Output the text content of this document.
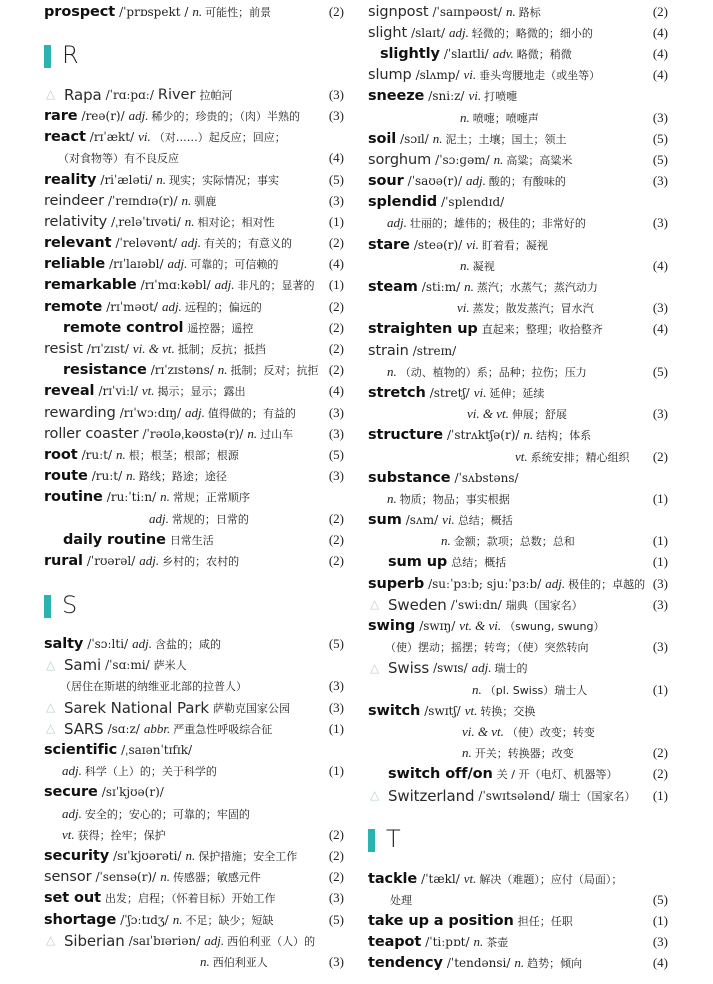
prospect /ˈprɒspekt / n. 可能性；前景	(2)
R
△ Rapa /ˈrɑːpɑː/ River 拉帕河	(3)
rare /reə(r)/ adj. 稀少的；珍贵的；（肉）半熟的 (3)
react /rɪˈækt/ vi. （对……）起反应；回应；
（对食物等）有不良反应	(4)
reality /riˈæləti/ n. 现实；实际情况；事实	(5)
reindeer /ˈreɪndɪə(r)/ n. 驯鹿	(3)
relativity /ˌreləˈtɪvəti/ n. 相对论；相对性	(1)
relevant /ˈreləvənt/ adj. 有关的；有意义的	(2)
reliable /rɪˈlaɪəbl/ adj. 可靠的；可信赖的	(4)
remarkable /rɪˈmɑːkəbl/ adj. 非凡的；显著的 (1)
remote /rɪˈməʊt/ adj. 远程的；偏远的	(2)
remote control 遥控器；遥控	(2)
resist /rɪˈzɪst/ vi. & vt. 抵制；反抗；抵挡	(2)
resistance /rɪˈzɪstəns/ n. 抵制；反对；抗拒 (2)
reveal /rɪˈviːl/ vt. 揭示；显示；露出	(4)
rewarding /rɪˈwɔːdɪŋ/ adj. 值得做的；有益的	(3)
roller coaster /ˈrəʊləˌkəʊstə(r)/ n. 过山车	(3)
root /ruːt/ n. 根；根茎；根部；根源	(5)
route /ruːt/ n. 路线；路途；途径	(3)
routine /ruːˈtiːn/ n. 常规；正常顺序
adj. 常规的；日常的	(2)
daily routine 日常生活	(2)
rural /ˈrʊərəl/ adj. 乡村的；农村的	(2)
S
salty /ˈsɔːlti/ adj. 含盐的；咸的	(5)
△ Sami /ˈsɑːmi/ 萨米人
（居住在斯堪的纳维亚北部的拉普人）	(3)
△ Sarek National Park 萨勒克国家公园	(3)
△ SARS /sɑːz/ abbr. 严重急性呼吸综合征	(1)
scientific /ˌsaɪənˈtɪfɪk/
adj. 科学（上）的；关于科学的	(1)
secure /sɪˈkjʊə(r)/
adj. 安全的；安心的；可靠的；牢固的
vt. 获得；拴牢；保护	(2)
security /sɪˈkjʊərəti/ n. 保护措施；安全工作 (2)
sensor /ˈsensə(r)/ n. 传感器；敏感元件	(2)
set out 出发；启程；（怀着目标）开始工作	(3)
shortage /ˈʃɔːtɪdʒ/ n. 不足；缺少；短缺	(5)
△ Siberian /saɪˈbɪəriən/ adj. 西伯利亚（人）的
n. 西伯利亚人	(3)
signpost /ˈsaɪnpəʊst/ n. 路标	(2)
slight /slaɪt/ adj. 轻微的；略微的；细小的	(4)
slightly /ˈslaɪtli/ adv. 略微；稍微	(4)
slump /slʌmp/ vi. 垂头弯腰地走（或坐等）	(4)
sneeze /sniːz/ vi. 打喷嚏
n. 喷嚏；喷嚏声	(3)
soil /sɔɪl/ n. 泥土；土壤；国土；领土	(5)
sorghum /ˈsɔːɡəm/ n. 高粱；高粱米	(5)
sour /ˈsaʊə(r)/ adj. 酸的；有酸味的	(3)
splendid /ˈsplendɪd/
adj. 壮丽的；雄伟的；极佳的；非常好的	(3)
stare /steə(r)/ vi. 盯着看；凝视
n. 凝视	(4)
steam /stiːm/ n. 蒸汽；水蒸气；蒸汽动力
vi. 蒸发；散发蒸汽；冒水汽	(3)
straighten up 直起来；整理；收拾整齐	(4)
strain /streɪn/
n. （动、植物的）系；品种；拉伤；压力	(5)
stretch /stretʃ/ vi. 延伸；延续
vi. & vt. 伸展；舒展	(3)
structure /ˈstrʌktʃə(r)/ n. 结构；体系
vt. 系统安排；精心组织 (2)
substance /ˈsʌbstəns/
n. 物质；物品；事实根据	(1)
sum /sʌm/ vi. 总结；概括
n. 金额；款项；总数；总和	(1)
sum up 总结；概括	(1)
superb /suːˈpɜːb; sjuːˈpɜːb/ adj. 极佳的；卓越的 (3)
△ Sweden /ˈswiːdn/ 瑞典（国家名）	(3)
swing /swɪŋ/ vt. & vi. （swung, swung）
（使）摆动；摇摆；转弯；（使）突然转向	(3)
△ Swiss /swɪs/ adj. 瑞士的
n. （pl. Swiss）瑞士人	(1)
switch /swɪtʃ/ vt. 转换；交换
vi. & vt. （使）改变；转变
n. 开关；转换器；改变	(2)
switch off/on 关 / 开（电灯、机器等）	(2)
△ Switzerland /ˈswɪtsələnd/ 瑞士（国家名） (1)
T
tackle /ˈtækl/ vt. 解决（难题）；应付（局面）；
处理	(5)
take up a position 担任；任职	(1)
teapot /ˈtiːpɒt/ n. 茶壶	(3)
tendency /ˈtendənsi/ n. 趋势；倾向	(4)
